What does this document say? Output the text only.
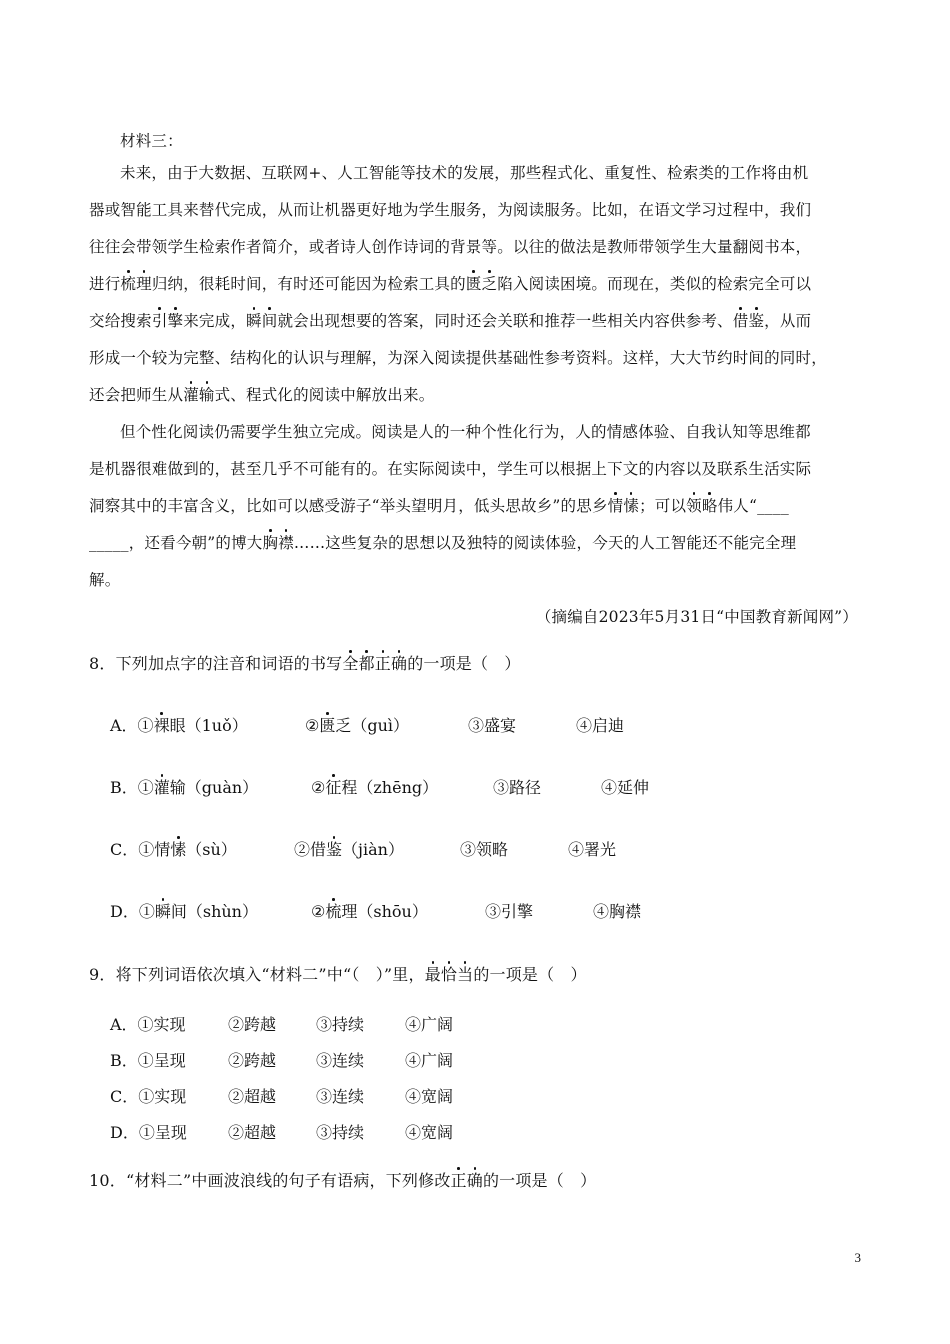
材料三：
未来，由于大数据、互联网+、人工智能等技术的发展，那些程式化、重复性、检索类的工作将由机
器或智能工具来替代完成，从而让机器更好地为学生服务，为阅读服务。比如，在语文学习过程中，我们
往往会带领学生检索作者简介，或者诗人创作诗词的背景等。以往的做法是教师带领学生大量翻阅书本，
进行梳理归纳，很耗时间，有时还可能因为检索工具的匮乏陷入阅读困境。而现在，类似的检索完全可以
交给搜索引擎来完成，瞬间就会出现想要的答案，同时还会关联和推荐一些相关内容供参考、借鉴，从而
形成一个较为完整、结构化的认识与理解，为深入阅读提供基础性参考资料。这样，大大节约时间的同时，
还会把师生从灌输式、程式化的阅读中解放出来。
但个性化阅读仍需要学生独立完成。阅读是人的一种个性化行为，人的情感体验、自我认知等思维都
是机器很难做到的，甚至几乎不可能有的。在实际阅读中，学生可以根据上下文的内容以及联系生活实际
洞察其中的丰富含义，比如可以感受游子“举头望明月，低头思故乡”的思乡情愫；可以领略伟人“____
_____，还看今朝”的博大胸襟……这些复杂的思想以及独特的阅读体验，今天的人工智能还不能完全理
解。
（摘编自2023年5月31日“中国教育新闻网”）
8．下列加点字的注音和词语的书写全都正确的一项是（　）
A．①裸眼（1uǒ）	②匮乏（guì）	③盛宴	④启迪
B．①灌输（guàn）	②征程（zhēng）	③路径	④延伸
C．①情愫（sù）	②借鉴（jiàn）	③领略	④署光
D．①瞬间（shùn）	②梳理（shōu）	③引擎	④胸襟
9．将下列词语依次填入“材料二”中“（　）”里，最恰当的一项是（　）
A．①实现	②跨越 ③持续	④广阔
B．①呈现	②跨越 ③连续	④广阔
C．①实现	②超越 ③连续	④宽阔
D．①呈现	②超越 ③持续	④宽阔
10．“材料二”中画波浪线的句子有语病，下列修改正确的一项是（　）
3
